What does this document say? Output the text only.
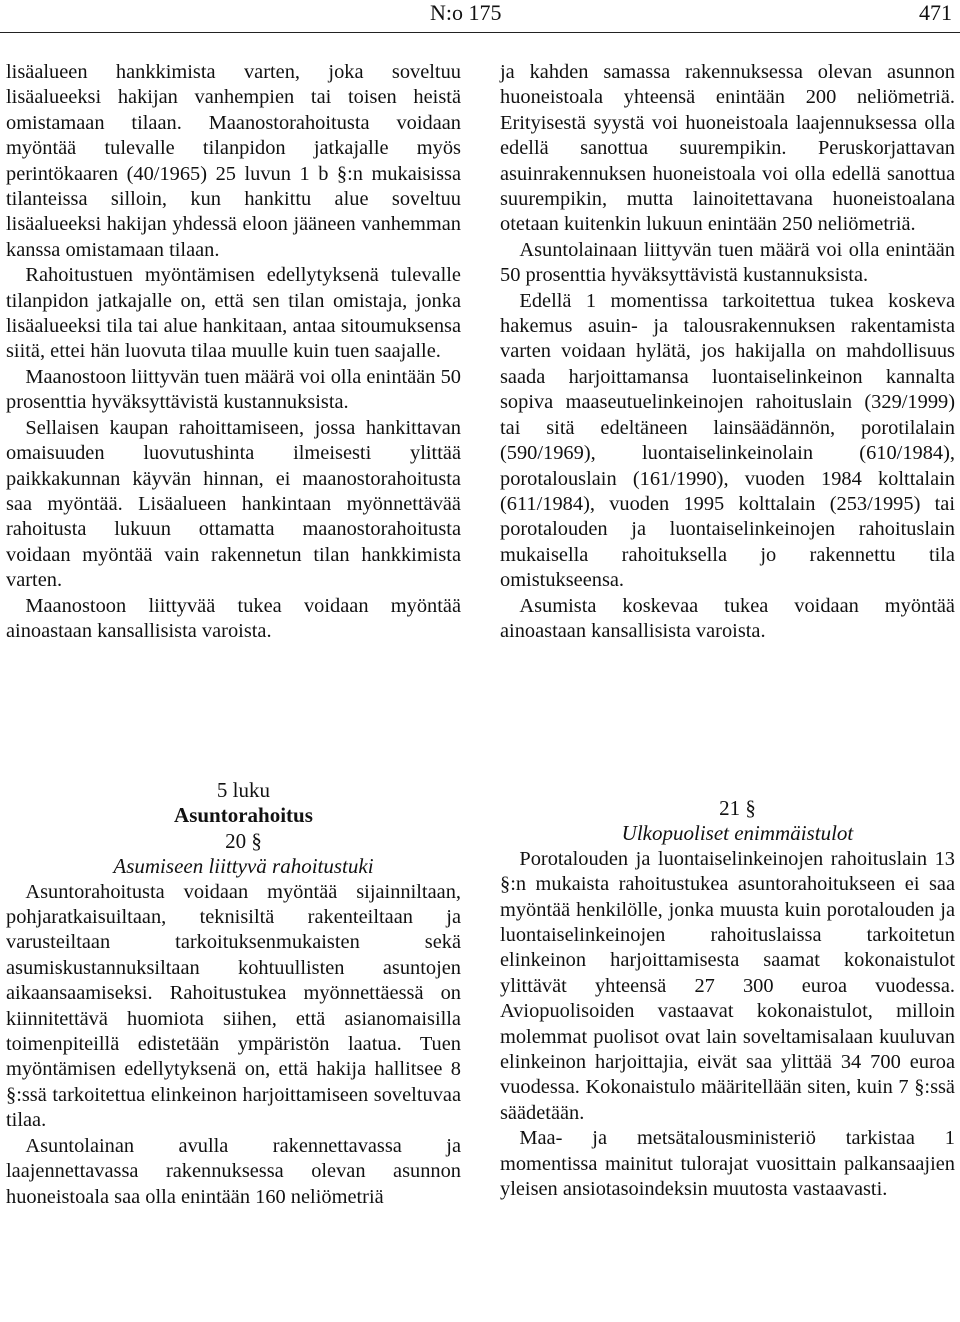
N:o 175	471

lisäalueen hankkimista varten, joka soveltuu lisäalueeksi hakijan vanhempien tai toisen heistä omistamaan tilaan. Maanostorahoitusta voidaan myöntää tulevalle tilanpidon jatkajalle myös perintökaaren (40/1965) 25 luvun 1 b §:n mukaisissa tilanteissa silloin, kun hankittu alue soveltuu lisäalueeksi hakijan yhdessä eloon jääneen vanhemman kanssa omistamaan tilaan.

Rahoitustuen myöntämisen edellytyksenä tulevalle tilanpidon jatkajalle on, että sen tilan omistaja, jonka lisäalueeksi tila tai alue hankitaan, antaa sitoumuksensa siitä, ettei hän luovuta tilaa muulle kuin tuen saajalle.

Maanostoon liittyvän tuen määrä voi olla enintään 50 prosenttia hyväksyttävistä kustannuksista.

Sellaisen kaupan rahoittamiseen, jossa hankittavan omaisuuden luovutushinta ilmeisesti ylittää paikkakunnan käyvän hinnan, ei maanostorahoitusta saa myöntää. Lisäalueen hankintaan myönnettävää rahoitusta lukuun ottamatta maanostorahoitusta voidaan myöntää vain rakennetun tilan hankkimista varten.

Maanostoon liittyvää tukea voidaan myöntää ainoastaan kansallisista varoista.

ja kahden samassa rakennuksessa olevan asunnon huoneistoala yhteensä enintään 200 neliömetriä. Erityisestä syystä voi huoneistoala laajennuksessa olla edellä sanottua suurempikin. Peruskorjattavan asuinrakennuksen huoneistoala voi olla edellä sanottua suurempikin, mutta lainoitettavana huoneistoalana otetaan kuitenkin lukuun enintään 250 neliömetriä.

Asuntolainaan liittyvän tuen määrä voi olla enintään 50 prosenttia hyväksyttävistä kustannuksista.

Edellä 1 momentissa tarkoitettua tukea koskeva hakemus asuin- ja talousrakennuksen rakentamista varten voidaan hylätä, jos hakijalla on mahdollisuus saada harjoittamansa luontaiselinkeinon kannalta sopiva maaseutuelinkeinojen rahoituslain (329/1999) tai sitä edeltäneen lainsäädännön, porotilalain (590/1969), luontaiselinkeinolain (610/1984), porotalouslain (161/1990), vuoden 1984 kolttalain (611/1984), vuoden 1995 kolttalain (253/1995) tai porotalouden ja luontaiselinkeinojen rahoituslain mukaisella rahoituksella jo rakennettu tila omistukseensa.

Asumista koskevaa tukea voidaan myöntää ainoastaan kansallisista varoista.

5 luku

Asuntorahoitus

20 §

Asumiseen liittyvä rahoitustuki

Asuntorahoitusta voidaan myöntää sijainniltaan, pohjaratkaisuiltaan, teknisiltä rakenteiltaan ja varusteiltaan tarkoituksenmukaisten sekä asumiskustannuksiltaan kohtuullisten asuntojen aikaansaamiseksi. Rahoitustukea myönnettäessä on kiinnitettävä huomiota siihen, että asianomaisilla toimenpiteillä edistetään ympäristön laatua. Tuen myöntämisen edellytyksenä on, että hakija hallitsee 8 §:ssä tarkoitettua elinkeinon harjoittamiseen soveltuvaa tilaa.

Asuntolainan avulla rakennettavassa ja laajennettavassa rakennuksessa olevan asunnon huoneistoala saa olla enintään 160 neliömetriä

21 §

Ulkopuoliset enimmäistulot

Porotalouden ja luontaiselinkeinojen rahoituslain 13 §:n mukaista rahoitustukea asuntorahoitukseen ei saa myöntää henkilölle, jonka muusta kuin porotalouden ja luontaiselinkeinojen rahoituslaissa tarkoitetun elinkeinon harjoittamisesta saamat kokonaistulot ylittävät yhteensä 27 300 euroa vuodessa. Aviopuolisoiden vastaavat kokonaistulot, milloin molemmat puolisot ovat lain soveltamisalaan kuuluvan elinkeinon harjoittajia, eivät saa ylittää 34 700 euroa vuodessa. Kokonaistulo määritellään siten, kuin 7 §:ssä säädetään.

Maa- ja metsätalousministeriö tarkistaa 1 momentissa mainitut tulorajat vuosittain palkansaajien yleisen ansiotasoindeksin muutosta vastaavasti.
